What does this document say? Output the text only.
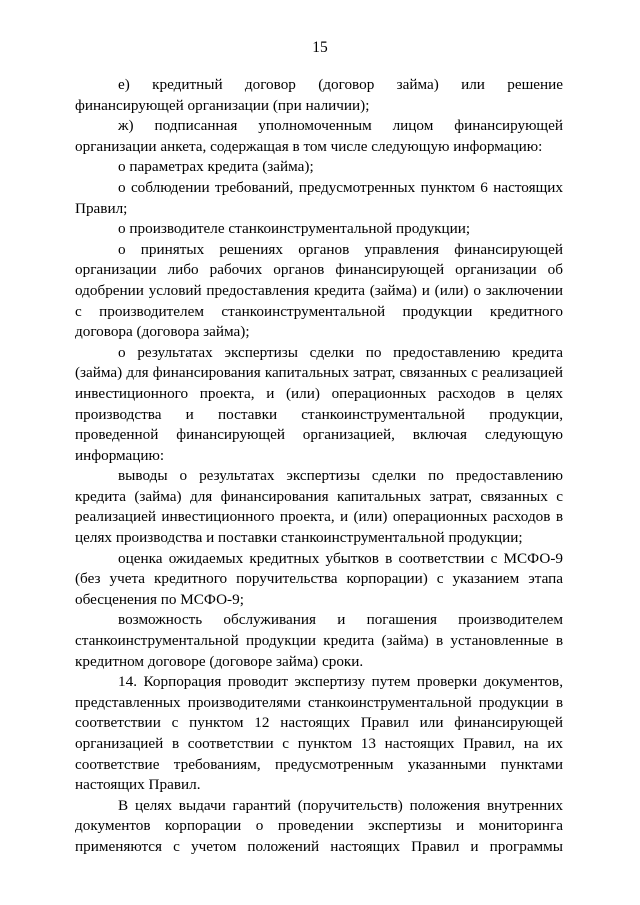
15

е) кредитный договор (договор займа) или решение финансирующей организации (при наличии);

ж) подписанная уполномоченным лицом финансирующей организации анкета, содержащая в том числе следующую информацию:

о параметрах кредита (займа);

о соблюдении требований, предусмотренных пунктом 6 настоящих Правил;

о производителе станкоинструментальной продукции;

о принятых решениях органов управления финансирующей организации либо рабочих органов финансирующей организации об одобрении условий предоставления кредита (займа) и (или) о заключении с производителем станкоинструментальной продукции кредитного договора (договора займа);

о результатах экспертизы сделки по предоставлению кредита (займа) для финансирования капитальных затрат, связанных с реализацией инвестиционного проекта, и (или) операционных расходов в целях производства и поставки станкоинструментальной продукции, проведенной финансирующей организацией, включая следующую информацию:

выводы о результатах экспертизы сделки по предоставлению кредита (займа) для финансирования капитальных затрат, связанных с реализацией инвестиционного проекта, и (или) операционных расходов в целях производства и поставки станкоинструментальной продукции;

оценка ожидаемых кредитных убытков в соответствии с МСФО-9 (без учета кредитного поручительства корпорации) с указанием этапа обесценения по МСФО-9;

возможность обслуживания и погашения производителем станкоинструментальной продукции кредита (займа) в установленные в кредитном договоре (договоре займа) сроки.

14. Корпорация проводит экспертизу путем проверки документов, представленных производителями станкоинструментальной продукции в соответствии с пунктом 12 настоящих Правил или финансирующей организацией в соответствии с пунктом 13 настоящих Правил, на их соответствие требованиям, предусмотренным указанными пунктами настоящих Правил.

В целях выдачи гарантий (поручительств) положения внутренних документов корпорации о проведении экспертизы и мониторинга применяются с учетом положений настоящих Правил и программы
